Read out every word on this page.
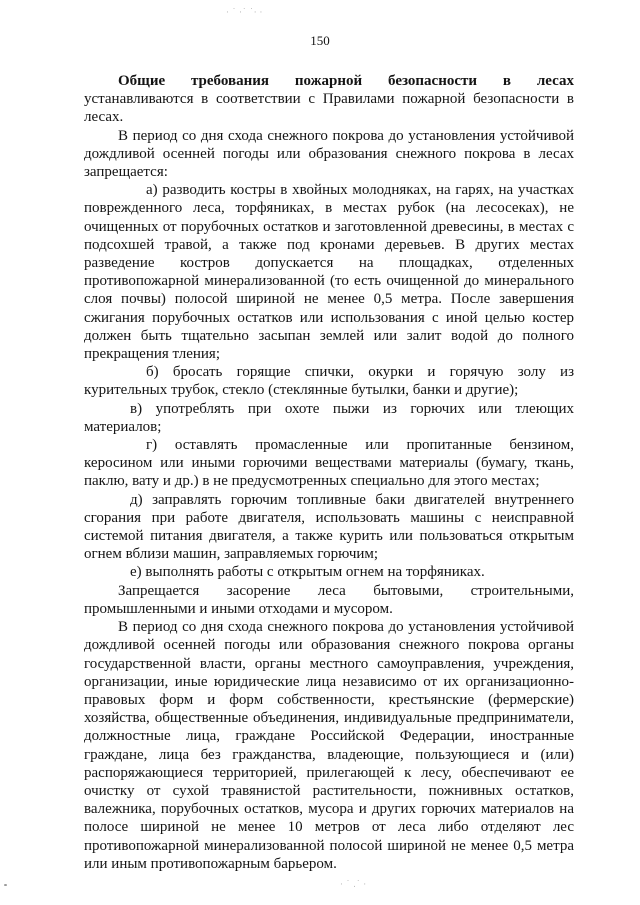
· ˙ ·˙ ˙· ·
150

Общие требования пожарной безопасности в лесах устанавливаются в соответствии с Правилами пожарной безопасности в лесах.

В период со дня схода снежного покрова до установления устойчивой дождливой осенней погоды или образования снежного покрова в лесах запрещается:

а) разводить костры в хвойных молодняках, на гарях, на участках поврежденного леса, торфяниках, в местах рубок (на лесосеках), не очищенных от порубочных остатков и заготовленной древесины, в местах с подсохшей травой, а также под кронами деревьев. В других местах разведение костров допускается на площадках, отделенных противопожарной минерализованной (то есть очищенной до минерального слоя почвы) полосой шириной не менее 0,5 метра. После завершения сжигания порубочных остатков или использования с иной целью костер должен быть тщательно засыпан землей или залит водой до полного прекращения тления;

б) бросать горящие спички, окурки и горячую золу из курительных трубок, стекло (стеклянные бутылки, банки и другие);

в) употреблять при охоте пыжи из горючих или тлеющих материалов;

г) оставлять промасленные или пропитанные бензином, керосином или иными горючими веществами материалы (бумагу, ткань, паклю, вату и др.) в не предусмотренных специально для этого местах;

д) заправлять горючим топливные баки двигателей внутреннего сгорания при работе двигателя, использовать машины с неисправной системой питания двигателя, а также курить или пользоваться открытым огнем вблизи машин, заправляемых горючим;

е) выполнять работы с открытым огнем на торфяниках.

Запрещается засорение леса бытовыми, строительными, промышленными и иными отходами и мусором.

В период со дня схода снежного покрова до установления устойчивой дождливой осенней погоды или образования снежного покрова органы государственной власти, органы местного самоуправления, учреждения, организации, иные юридические лица независимо от их организационно-правовых форм и форм собственности, крестьянские (фермерские) хозяйства, общественные объединения, индивидуальные предприниматели, должностные лица, граждане Российской Федерации, иностранные граждане, лица без гражданства, владеющие, пользующиеся и (или) распоряжающиеся территорией, прилегающей к лесу, обеспечивают ее очистку от сухой травянистой растительности, пожнивных остатков, валежника, порубочных остатков, мусора и других горючих материалов на полосе шириной не менее 10 метров от леса либо отделяют лес противопожарной минерализованной полосой шириной не менее 0,5 метра или иным противопожарным барьером.

· ˙ .˙ ·
